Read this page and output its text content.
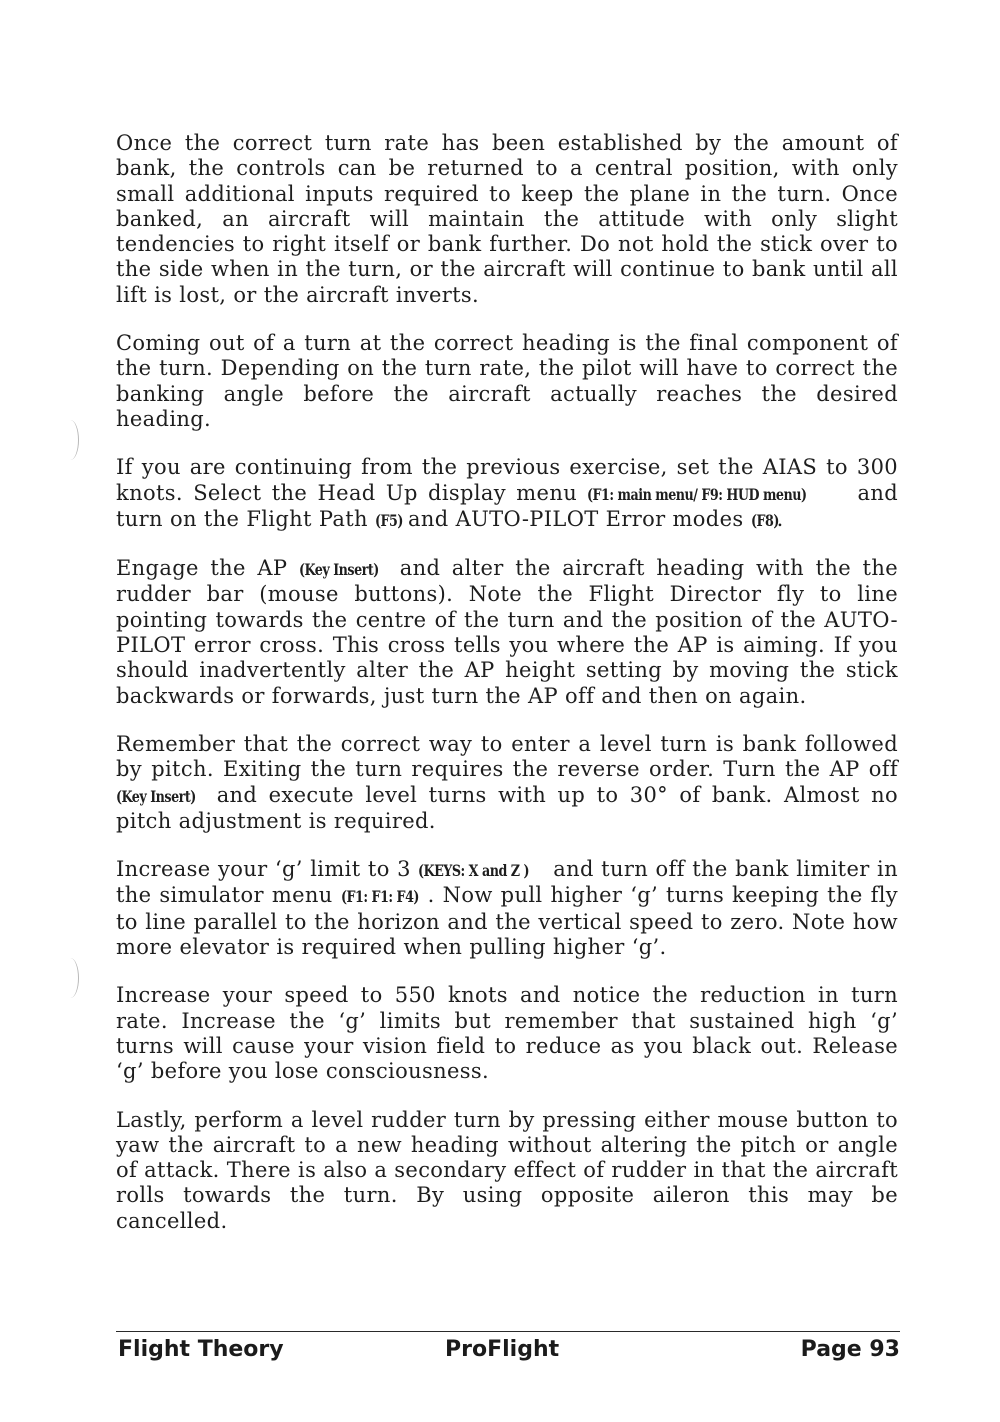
Once the correct turn rate has been established by the amount of bank, the controls can be returned to a central position, with only small additional inputs required to keep the plane in the turn. Once banked, an aircraft will maintain the attitude with only slight tendencies to right itself or bank further. Do not hold the stick over to the side when in the turn, or the aircraft will continue to bank until all lift is lost, or the aircraft inverts.

Coming out of a turn at the correct heading is the final component of the turn. Depending on the turn rate, the pilot will have to correct the banking angle before the aircraft actually reaches the desired heading.

If you are continuing from the previous exercise, set the AIAS to 300 knots. Select the Head Up display menu (F1: main menu/ F9: HUD menu) and turn on the Flight Path (F5) and AUTO-PILOT Error modes (F8).

Engage the AP (Key Insert) and alter the aircraft heading with the the rudder bar (mouse buttons). Note the Flight Director fly to line pointing towards the centre of the turn and the position of the AUTO-PILOT error cross. This cross tells you where the AP is aiming. If you should inadvertently alter the AP height setting by moving the stick backwards or forwards, just turn the AP off and then on again.

Remember that the correct way to enter a level turn is bank followed by pitch. Exiting the turn requires the reverse order. Turn the AP off (Key Insert) and execute level turns with up to 30° of bank. Almost no pitch adjustment is required.

Increase your ‘g’ limit to 3 (KEYS: X and Z ) and turn off the bank limiter in the simulator menu (F1: F1: F4) . Now pull higher ‘g’ turns keeping the fly to line parallel to the horizon and the vertical speed to zero. Note how more elevator is required when pulling higher ‘g’.

Increase your speed to 550 knots and notice the reduction in turn rate. Increase the ‘g’ limits but remember that sustained high ‘g’ turns will cause your vision field to reduce as you black out. Release ‘g’ before you lose consciousness.

Lastly, perform a level rudder turn by pressing either mouse button to yaw the aircraft to a new heading without altering the pitch or angle of attack. There is also a secondary effect of rudder in that the aircraft rolls towards the turn. By using opposite aileron this may be cancelled.

Flight Theory	ProFlight	Page 93
